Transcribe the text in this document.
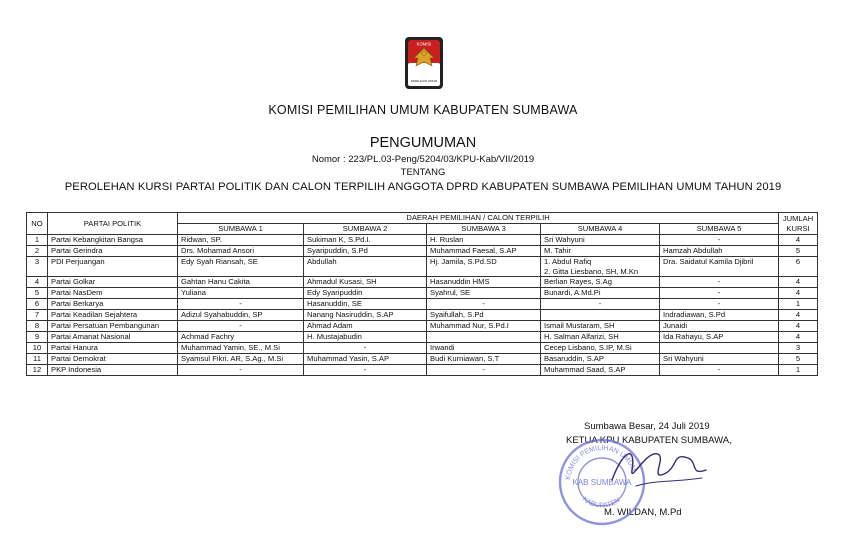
KOMISI
PEMILIHAN UMUM
KOMISI PEMILIHAN UMUM KABUPATEN SUMBAWA
PENGUMUMAN
Nomor : 223/PL.03-Peng/5204/03/KPU-Kab/VII/2019
TENTANG
PEROLEHAN KURSI PARTAI POLITIK DAN CALON TERPILIH ANGGOTA DPRD KABUPATEN SUMBAWA PEMILIHAN UMUM TAHUN 2019
NO	PARTAI POLITIK	DAERAH PEMILIHAN / CALON TERPILIH					JUMLAH
KURSI

		SUMBAWA 1	SUMBAWA 2	SUMBAWA 3	SUMBAWA 4	SUMBAWA 5	
1	Partai Kebangkitan Bangsa	Ridwan, SP.	Sukiman K, S.Pd.I.	H. Ruslan	Sri Wahyuni	-	4
2	Partai Gerindra	Drs. Mohamad Ansori	Syaripuddin, S.Pd	Muhammad Faesal, S.AP	M. Tahir	Hamzah Abdullah	5
3	PDI Perjuangan	Edy Syah Riansah, SE	Abdullah	Hj. Jamila, S.Pd.SD	1. Abdul Rafiq
2. Gitta Liesbano, SH, M.Kn	Dra. Saidatul Kamila Djibril	6
4	Partai Golkar	Gahtan Hanu Cakita	Ahmadul Kusasi, SH	Hasanuddin HMS	Berlian Rayes, S.Ag	-	4
5	Partai NasDem	Yuliana	Edy Syaripuddin	Syahrul, SE	Bunardi, A.Md.Pi	-	4
6	Partai Berkarya	-	Hasanuddin, SE	-	-	-	1
7	Partai Keadilan Sejahtera	Adizul Syahabuddin, SP	Nanang Nasiruddin, S.AP	Syaifullah, S.Pd		Indradiawan, S.Pd	4
8	Partai Persatuan Pembangunan	-	Ahmad Adam	Muhammad Nur, S.Pd.I	Ismail Mustaram, SH	Junaidi	4
9	Partai Amanat Nasional	Achmad Fachry	H. Mustajabudin		H. Salman Alfarizi, SH	Ida Rahayu, S.AP	4
10	Partai Hanura	Muhammad Yamin, SE., M.Si	-	Irwandi	Cecep Lisbano, S.IP, M.Si		3
11	Partai Demokrat	Syamsul Fikri. AR, S.Ag., M.Si	Muhammad Yasin, S.AP	Budi Kurniawan, S.T	Basaruddin, S.AP	Sri Wahyuni	5
12	PKP Indonesia	-	-	-	Muhammad Saad, S.AP	-	1
Sumbawa Besar, 24 Juli 2019
KETUA KPU KABUPATEN SUMBAWA,
M. WILDAN, M.Pd
KOMISI PEMILIHAN UMUM
KABUPATEN
KAB SUMBAWA
